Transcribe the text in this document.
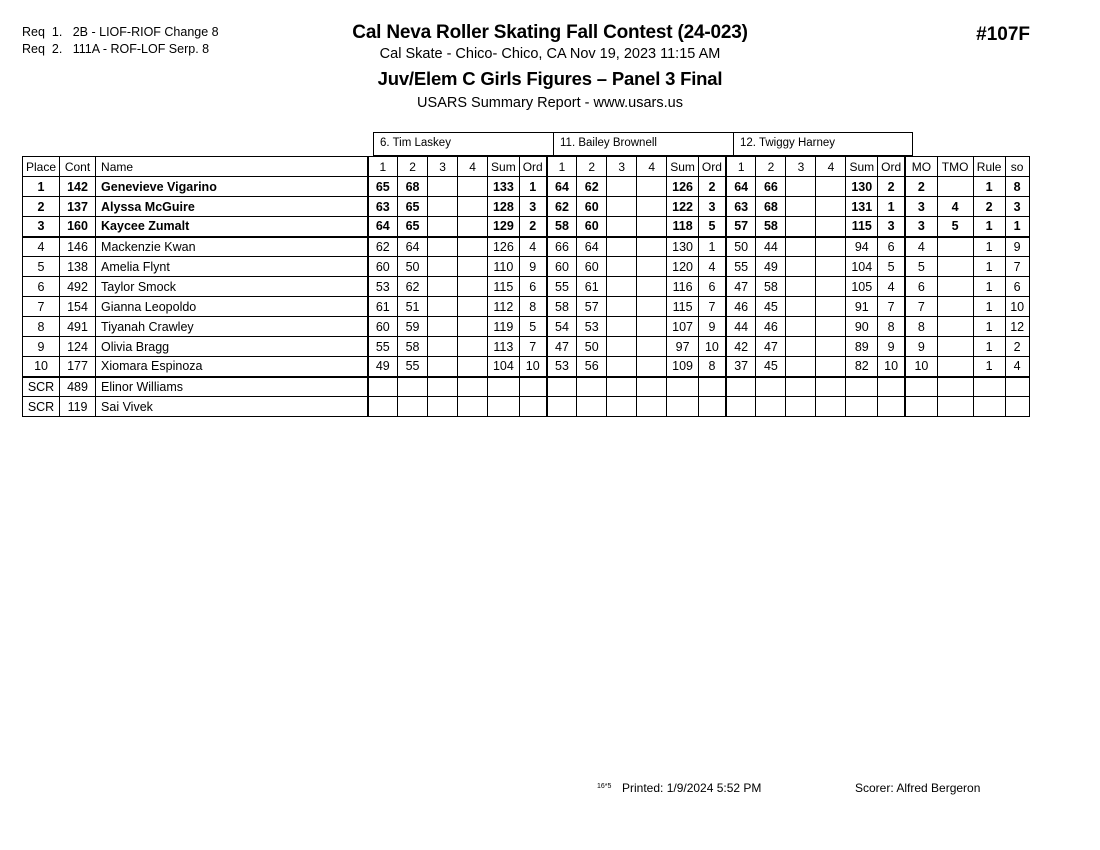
Req  1.   2B - LIOF-RIOF Change 8
Req  2.   111A - ROF-LOF Serp. 8
Cal Neva Roller Skating Fall Contest (24-023)
Cal Skate - Chico- Chico, CA Nov 19, 2023 11:15 AM
Juv/Elem C Girls Figures – Panel 3 Final
USARS Summary Report - www.usars.us
#107F
6. Tim Laskey	11. Bailey Brownell	12. Twiggy Harney
Place	Cont	Name	1	2	3	4	Sum	Ord	1	2	3	4	Sum	Ord	1	2	3	4	Sum	Ord	MO	TMO	Rule	so
1	142	Genevieve Vigarino	65	68			133	1	64	62			126	2	64	66			130	2	2		1	8
2	137	Alyssa McGuire	63	65			128	3	62	60			122	3	63	68			131	1	3	4	2	3
3	160	Kaycee Zumalt	64	65			129	2	58	60			118	5	57	58			115	3	3	5	1	1
4	146	Mackenzie Kwan	62	64			126	4	66	64			130	1	50	44			94	6	4		1	9
5	138	Amelia Flynt	60	50			110	9	60	60			120	4	55	49			104	5	5		1	7
6	492	Taylor Smock	53	62			115	6	55	61			116	6	47	58			105	4	6		1	6
7	154	Gianna Leopoldo	61	51			112	8	58	57			115	7	46	45			91	7	7		1	10
8	491	Tiyanah Crawley	60	59			119	5	54	53			107	9	44	46			90	8	8		1	12
9	124	Olivia Bragg	55	58			113	7	47	50			97	10	42	47			89	9	9		1	2
10	177	Xiomara Espinoza	49	55			104	10	53	56			109	8	37	45			82	10	10		1	4
SCR	489	Elinor Williams																						
SCR	119	Sai Vivek																						
16*5 Printed: 1/9/2024 5:52 PM	Scorer: Alfred Bergeron
